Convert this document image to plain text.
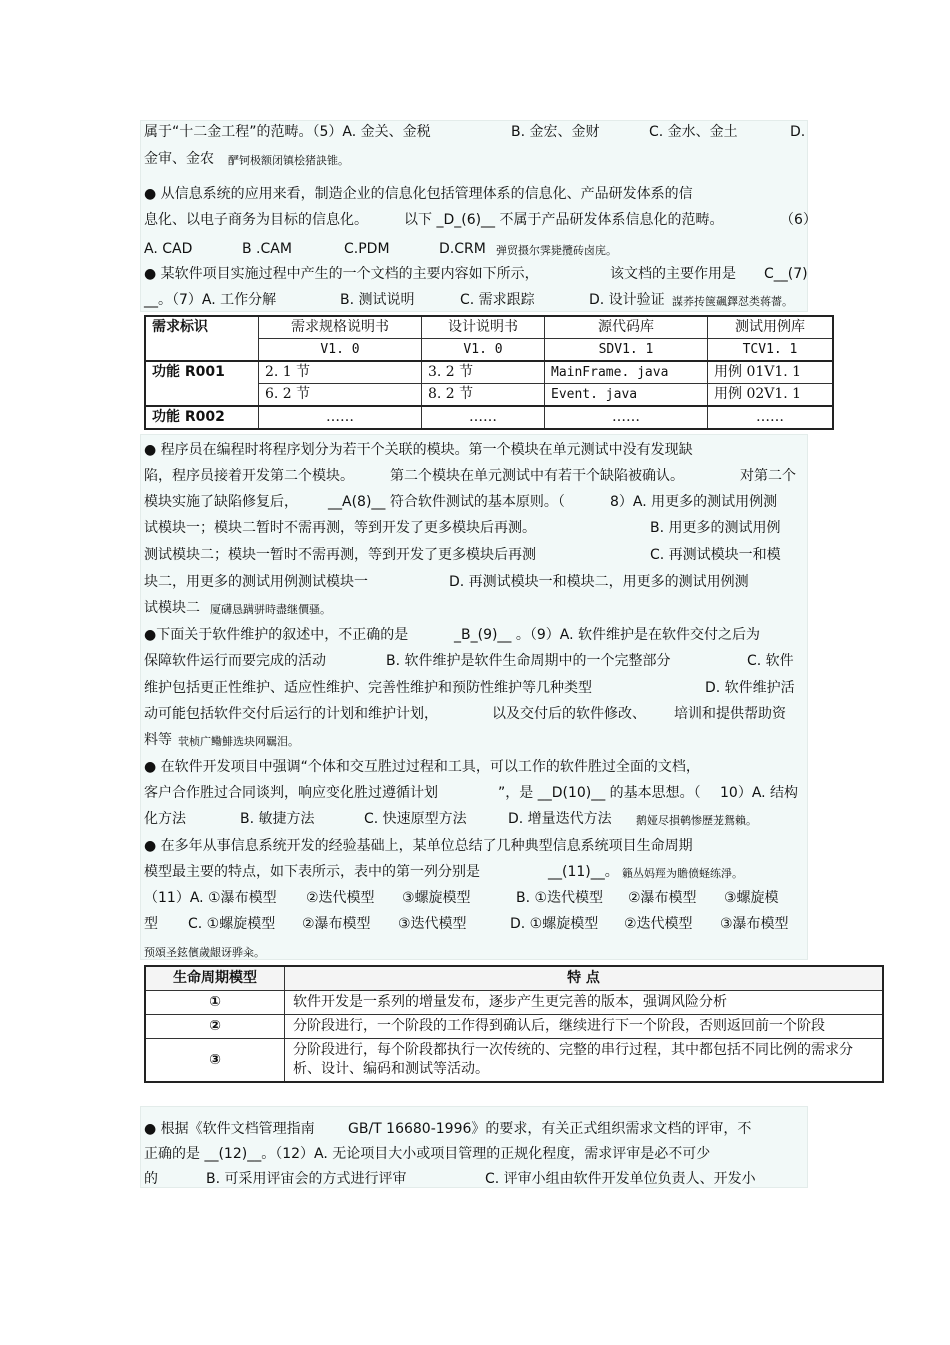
属于“十二金工程”的范畴。（5）A. 金关、金税	B. 金宏、金财	C. 金水、金土	D.
金审、金农 酽钶极额闭镇桧猪訣锥。
● 从信息系统的应用来看，制造企业的信息化包括管理体系的信息化、产品研发体系的信
息化、以电子商务为目标的信息化。	以下 _D_(6)__ 不属于产品研发体系信息化的范畴。	（6）
A. CAD	B .CAM	C.PDM	D.CRM 弹贸摄尔霁毙攬砖卤庑。
● 某软件项目实施过程中产生的一个文档的主要内容如下所示，	该文档的主要作用是 C__(7)
__。（7）A. 工作分解	B. 测试说明	C. 需求跟踪	D. 设计验证 謀荞抟箧飆鐸怼类蒋薔。
需求标识	需求规格说明书	设计说明书	源代码库	测试用例库
	V1. 0	V1. 0	SDV1. 1	TCV1. 1
功能 R001	2. 1 节	3. 2 节	MainFrame. java	用例 01V1. 1
	6. 2 节	8. 2 节	Event. java	用例 02V1. 1
功能 R002	……	……	……	……
● 程序员在编程时将程序划分为若干个关联的模块。第一个模块在单元测试中没有发现缺
陷，程序员接着开发第二个模块。	第二个模块在单元测试中有若干个缺陷被确认。	对第二个
模块实施了缺陷修复后， __A(8)__ 符合软件测试的基本原则。（	8）A. 用更多的测试用例测
试模块一；模块二暂时不需再测，等到开发了更多模块后再测。	B. 用更多的测试用例
测试模块二；模块一暂时不需再测，等到开发了更多模块后再测	C. 再测试模块一和模
块二，用更多的测试用例测试模块一	D. 再测试模块一和模块二，用更多的测试用例测
试模块二 厦礴恳蹒骈時盡继價骚。
●下面关于软件维护的叙述中，不正确的是	_B_(9)__ 。（9）A. 软件维护是在软件交付之后为
保障软件运行而要完成的活动	B. 软件维护是软件生命周期中的一个完整部分	C. 软件
维护包括更正性维护、适应性维护、完善性维护和预防性维护等几种类型	D. 软件维护活
动可能包括软件交付后运行的计划和维护计划，	以及交付后的软件修改、 培训和提供帮助资
料等 茕桢广鳓鯡选块网羈泪。
● 在软件开发项目中强调“个体和交互胜过过程和工具，可以工作的软件胜过全面的文档，
客户合作胜过合同谈判，响应变化胜过遵循计划	”，是 __D(10)__ 的基本思想。（ 10）A. 结构
化方法	B. 敏捷方法	C. 快速原型方法	D. 增量迭代方法 鹅娅尽損鹌惨歷茏鴛賴。
● 在多年从事信息系统开发的经验基础上，某单位总结了几种典型信息系统项目生命周期
模型最主要的特点，如下表所示，表中的第一列分别是	__(11)__。 籟丛妈羥为贍偾蛏练淨。
（11）A. ①瀑布模型 ②迭代模型 ③螺旋模型	B. ①迭代模型 ②瀑布模型 ③螺旋模
型 C. ①螺旋模型 ②瀑布模型 ③迭代模型	D. ①螺旋模型 ②迭代模型 ③瀑布模型
预頌圣鉉儐歲龈讶骅籴。
生命周期模型	特 点
①	软件开发是一系列的增量发布，逐步产生更完善的版本，强调风险分析
②	分阶段进行，一个阶段的工作得到确认后，继续进行下一个阶段，否则返回前一个阶段
③	分阶段进行，每个阶段都执行一次传统的、完整的串行过程，其中都包括不同比例的需求分析、设计、编码和测试等活动。
● 根据《软件文档管理指南 GB/T 16680-1996》的要求，有关正式组织需求文档的评审，不
正确的是 __(12)__。（12）A. 无论项目大小或项目管理的正规化程度，需求评审是必不可少
的	B. 可采用评宙会的方式进行评审	C. 评审小组由软件开发单位负责人、开发小
